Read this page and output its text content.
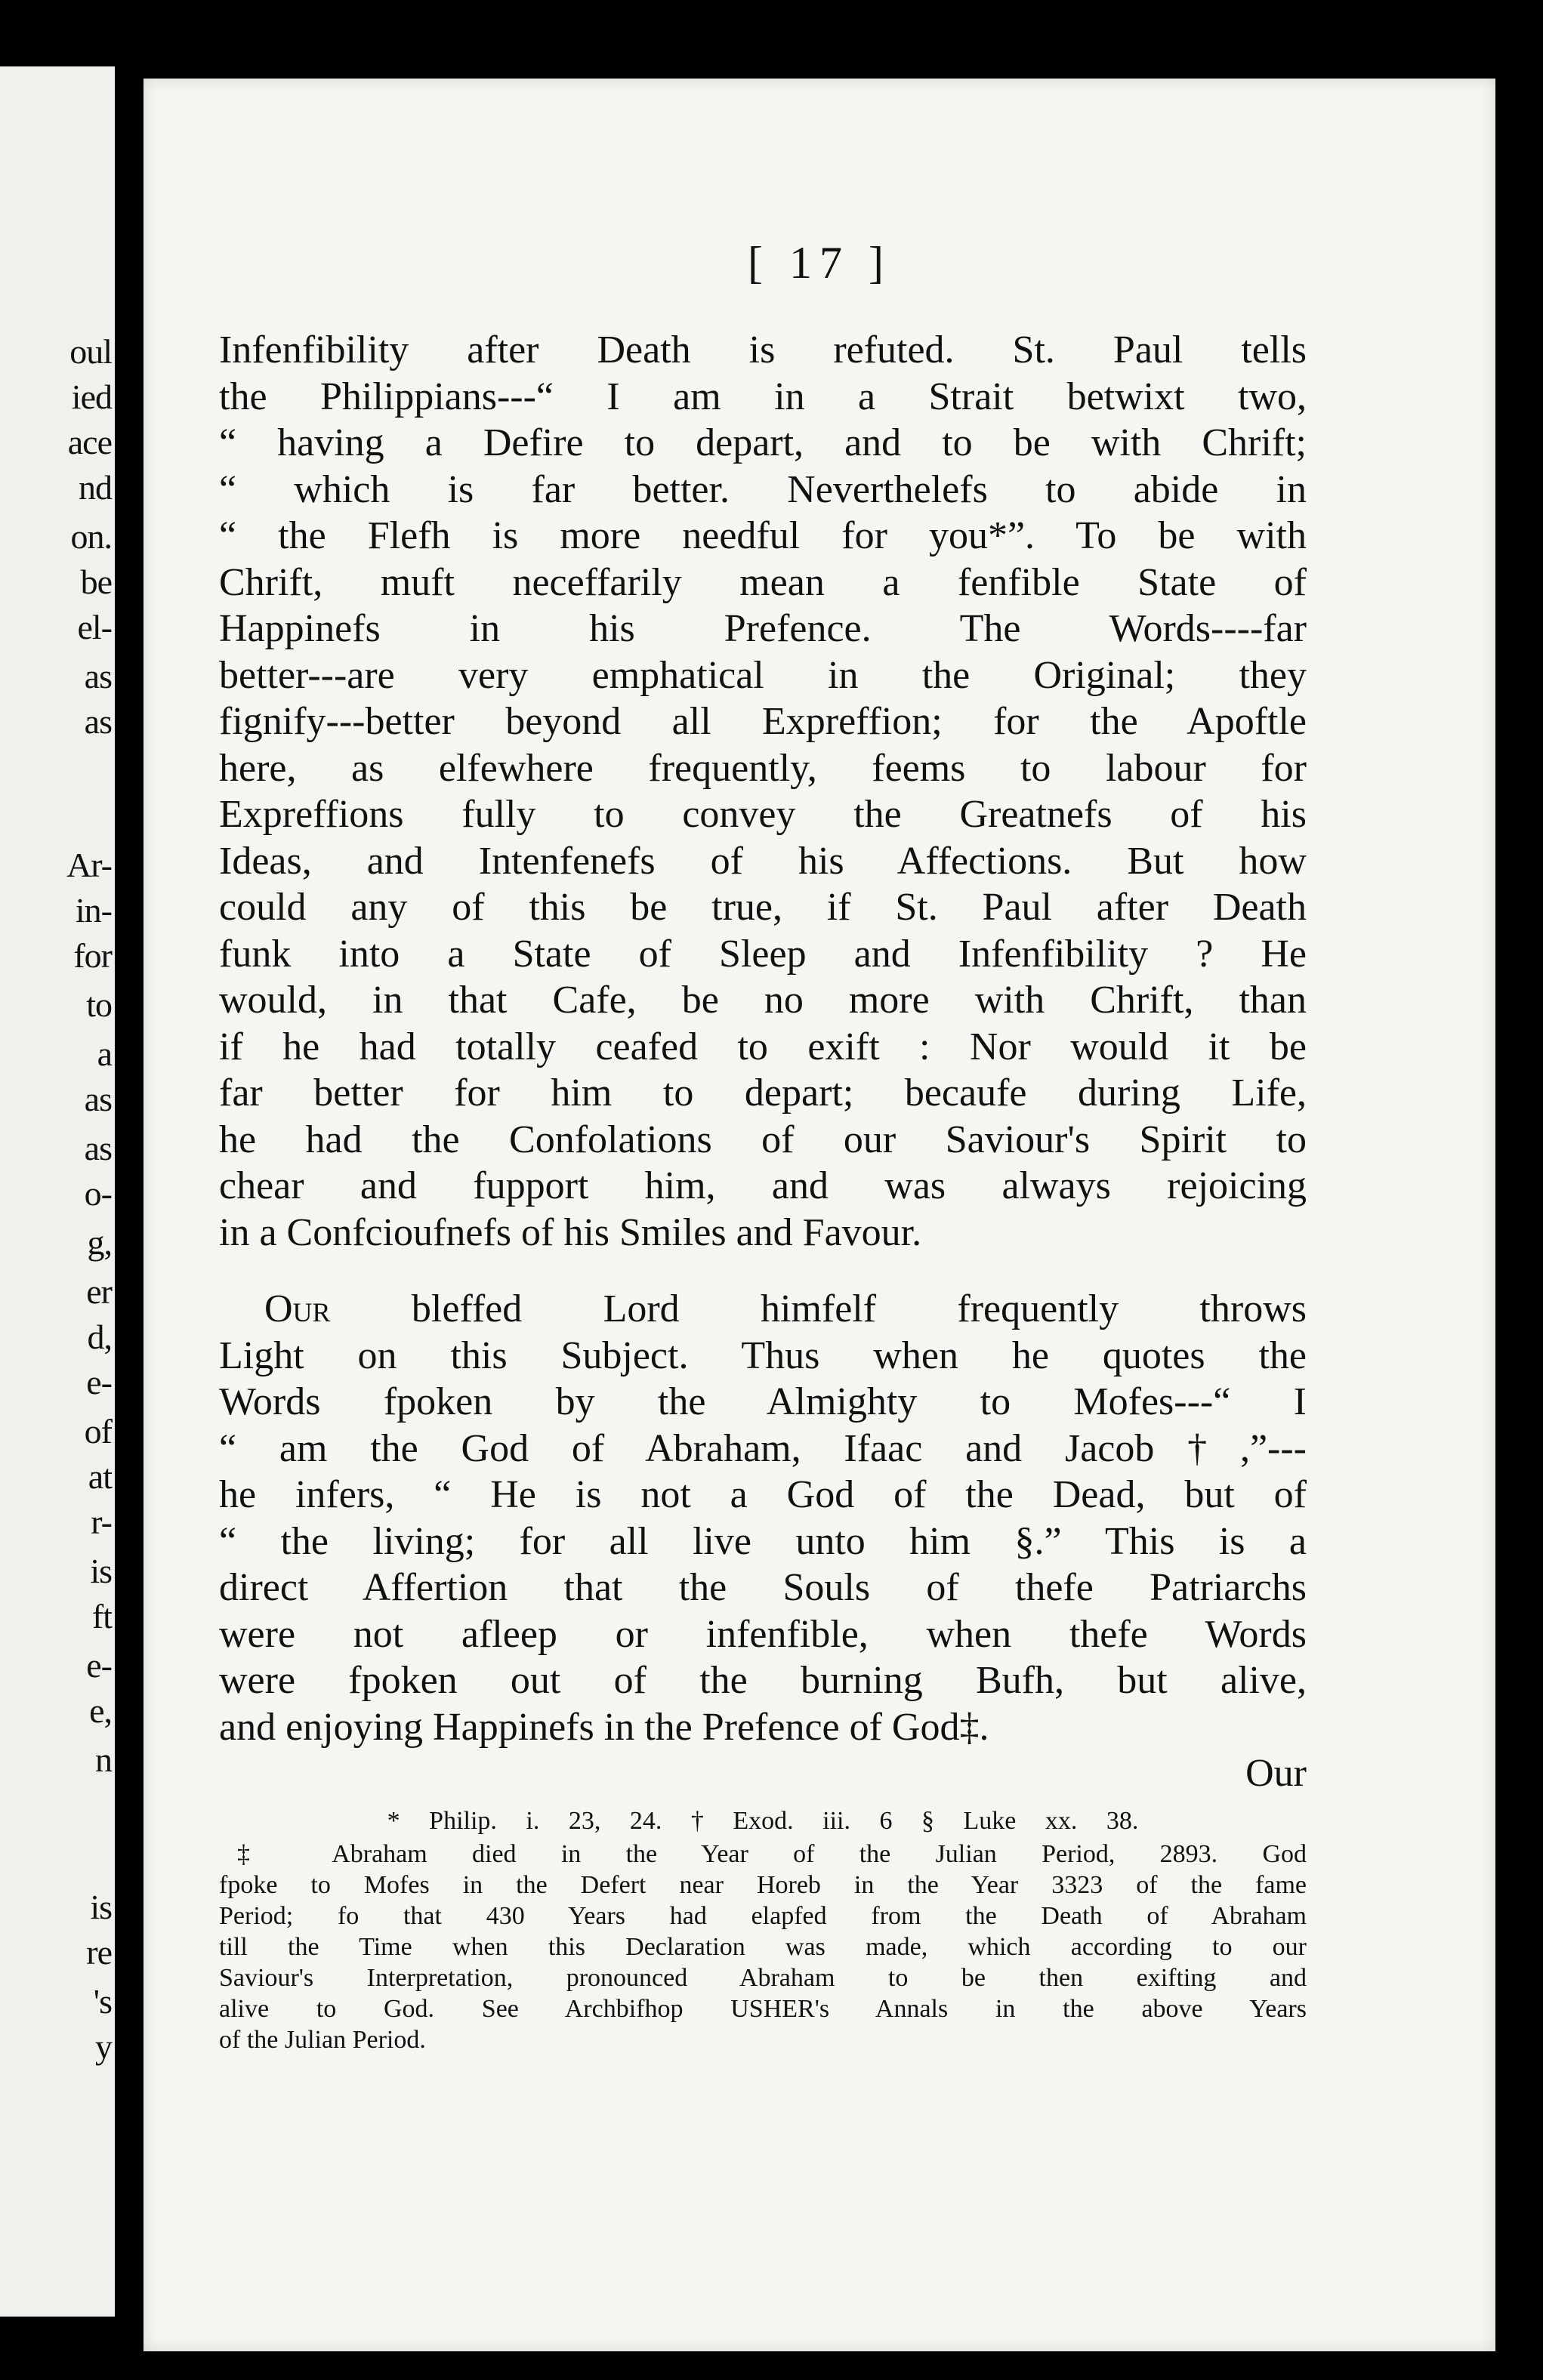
oul
ied
ace
nd
on.
be
el-
as
as
Ar-
in-
for
to
a
as
as
o-
g,
er
d,
e-
of
at
r-
is
ft
e-
e,
n
is
re
's
y
[ 17 ]
Infenfibility after Death is refuted. St. Paul tells
the Philippians---“ I am in a Strait betwixt two,
“ having a Defire to depart, and to be with Chrift;
“ which is far better. Neverthelefs to abide in
“ the Flefh is more needful for you*”. To be with
Chrift, muft neceffarily mean a fenfible State of
Happinefs in his Prefence. The Words----far
better---are very emphatical in the Original; they
fignify---better beyond all Expreffion; for the Apoftle
here, as elfewhere frequently, feems to labour for
Expreffions fully to convey the Greatnefs of his
Ideas, and Intenfenefs of his Affections. But how
could any of this be true, if St. Paul after Death
funk into a State of Sleep and Infenfibility ? He
would, in that Cafe, be no more with Chrift, than
if he had totally ceafed to exift : Nor would it be
far better for him to depart; becaufe during Life,
he had the Confolations of our Saviour's Spirit to
chear and fupport him, and was always rejoicing
in a Confcioufnefs of his Smiles and Favour.
Our bleffed Lord himfelf frequently throws
Light on this Subject. Thus when he quotes the
Words fpoken by the Almighty to Mofes---“ I
“ am the God of Abraham, Ifaac and Jacob†,”---
he infers, “ He is not a God of the Dead, but of
“ the living; for all live unto him §.” This is a
direct Affertion that the Souls of thefe Patriarchs
were not afleep or infenfible, when thefe Words
were fpoken out of the burning Bufh, but alive,
and enjoying Happinefs in the Prefence of God‡.
Our
* Philip. i. 23, 24. † Exod. iii. 6 § Luke xx. 38.
‡ Abraham died in the Year of the Julian Period, 2893. God
fpoke to Mofes in the Defert near Horeb in the Year 3323 of the fame
Period; fo that 430 Years had elapfed from the Death of Abraham
till the Time when this Declaration was made, which according to our
Saviour's Interpretation, pronounced Abraham to be then exifting and
alive to God. See Archbifhop USHER's Annals in the above Years
of the Julian Period.
